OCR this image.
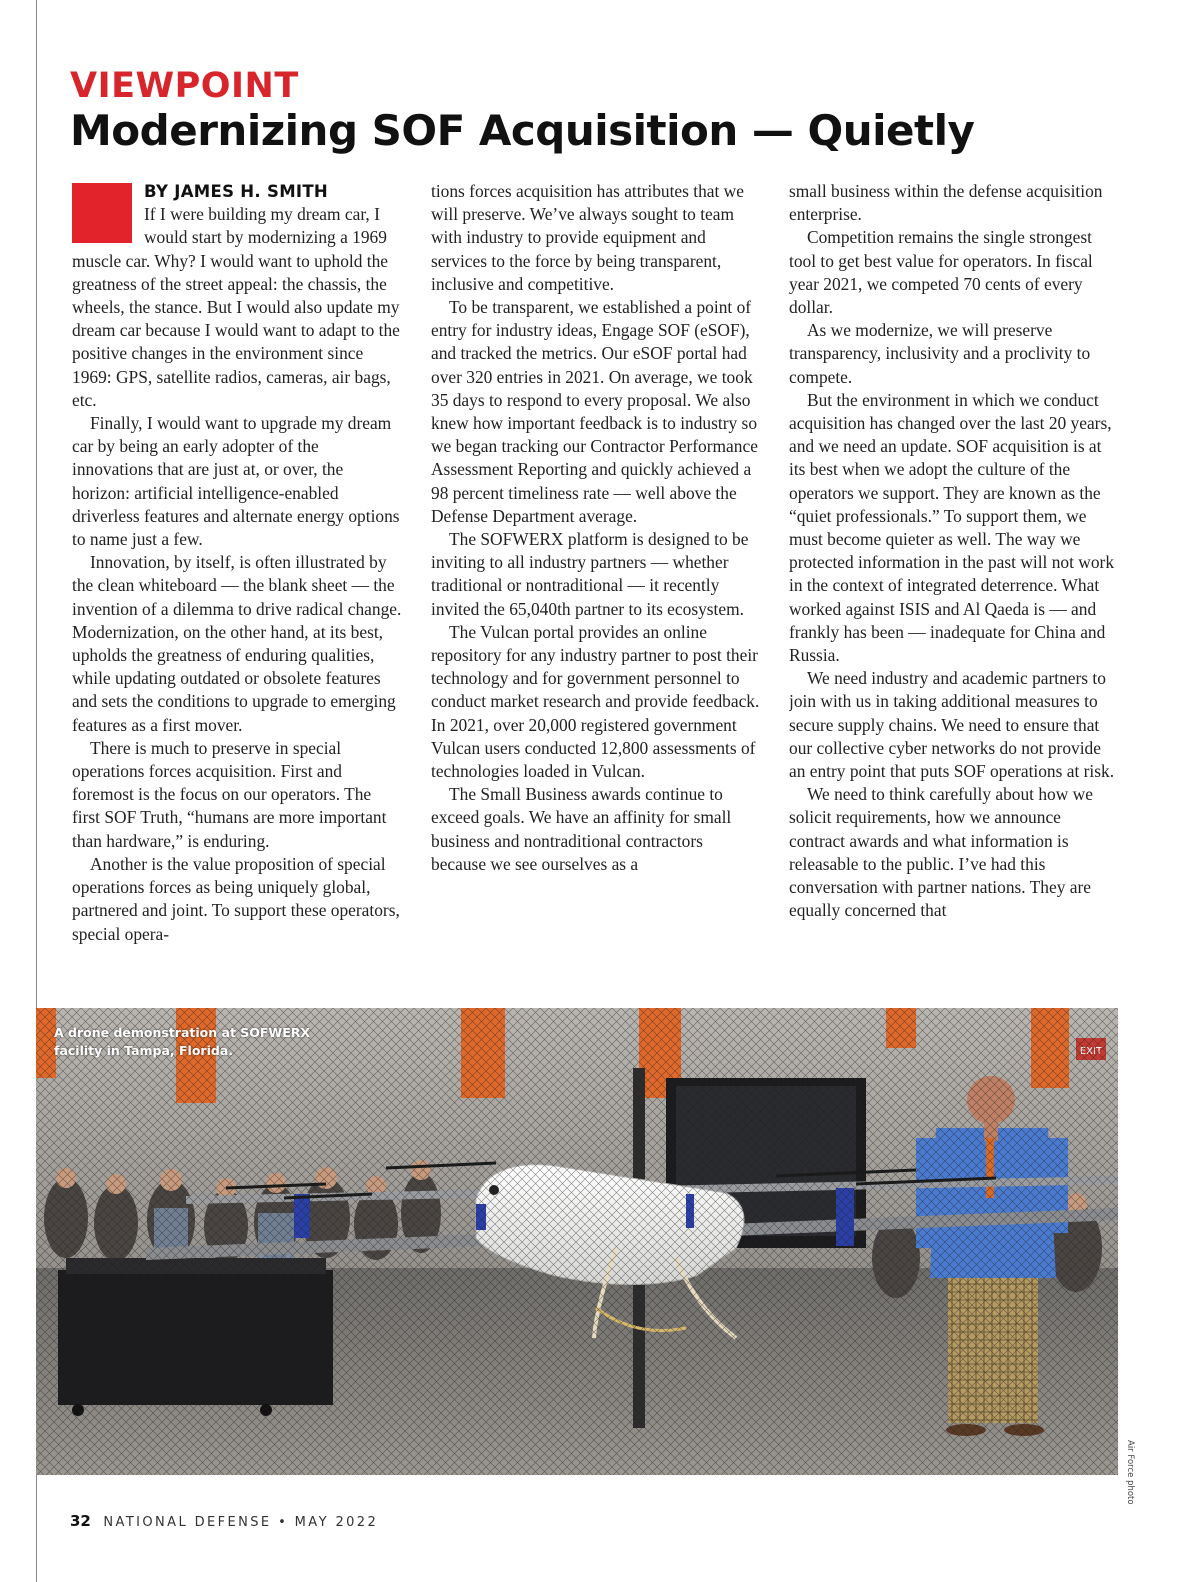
VIEWPOINT
Modernizing SOF Acquisition — Quietly
BY JAMES H. SMITH

If I were building my dream car, I would start by modernizing a 1969 muscle car. Why? I would want to uphold the greatness of the street appeal: the chassis, the wheels, the stance. But I would also update my dream car because I would want to adapt to the positive changes in the environment since 1969: GPS, satellite radios, cameras, air bags, etc.

Finally, I would want to upgrade my dream car by being an early adopter of the innovations that are just at, or over, the horizon: artificial intelligence-enabled driverless features and alternate energy options to name just a few.

Innovation, by itself, is often illustrated by the clean whiteboard — the blank sheet — the invention of a dilemma to drive radical change. Modernization, on the other hand, at its best, upholds the greatness of enduring qualities, while updating outdated or obsolete features and sets the conditions to upgrade to emerging features as a first mover.

There is much to preserve in special operations forces acquisition. First and foremost is the focus on our operators. The first SOF Truth, “humans are more important than hardware,” is enduring.

Another is the value proposition of special operations forces as being uniquely global, partnered and joint. To support these operators, special opera-

tions forces acquisition has attributes that we will preserve. We’ve always sought to team with industry to provide equipment and services to the force by being transparent, inclusive and competitive.

To be transparent, we established a point of entry for industry ideas, Engage SOF (eSOF), and tracked the metrics. Our eSOF portal had over 320 entries in 2021. On average, we took 35 days to respond to every proposal. We also knew how important feedback is to industry so we began tracking our Contractor Performance Assessment Reporting and quickly achieved a 98 percent timeliness rate — well above the Defense Department average.

The SOFWERX platform is designed to be inviting to all industry partners — whether traditional or nontraditional — it recently invited the 65,040th partner to its ecosystem.

The Vulcan portal provides an online repository for any industry partner to post their technology and for government personnel to conduct market research and provide feedback. In 2021, over 20,000 registered government Vulcan users conducted 12,800 assessments of technologies loaded in Vulcan.

The Small Business awards continue to exceed goals. We have an affinity for small business and nontraditional contractors because we see ourselves as a

small business within the defense acquisition enterprise.

Competition remains the single strongest tool to get best value for operators. In fiscal year 2021, we competed 70 cents of every dollar.

As we modernize, we will preserve transparency, inclusivity and a proclivity to compete.

But the environment in which we conduct acquisition has changed over the last 20 years, and we need an update. SOF acquisition is at its best when we adopt the culture of the operators we support. They are known as the “quiet professionals.” To support them, we must become quieter as well. The way we protected information in the past will not work in the context of integrated deterrence. What worked against ISIS and Al Qaeda is — and frankly has been — inadequate for China and Russia.

We need industry and academic partners to join with us in taking additional measures to secure supply chains. We need to ensure that our collective cyber networks do not provide an entry point that puts SOF operations at risk.

We need to think carefully about how we solicit requirements, how we announce contract awards and what information is releasable to the public. I’ve had this conversation with partner nations. They are equally concerned that

A drone demonstration at SOFWERX facility in Tampa, Florida.

Air Force photo

32 NATIONAL DEFENSE • MAY 2022
